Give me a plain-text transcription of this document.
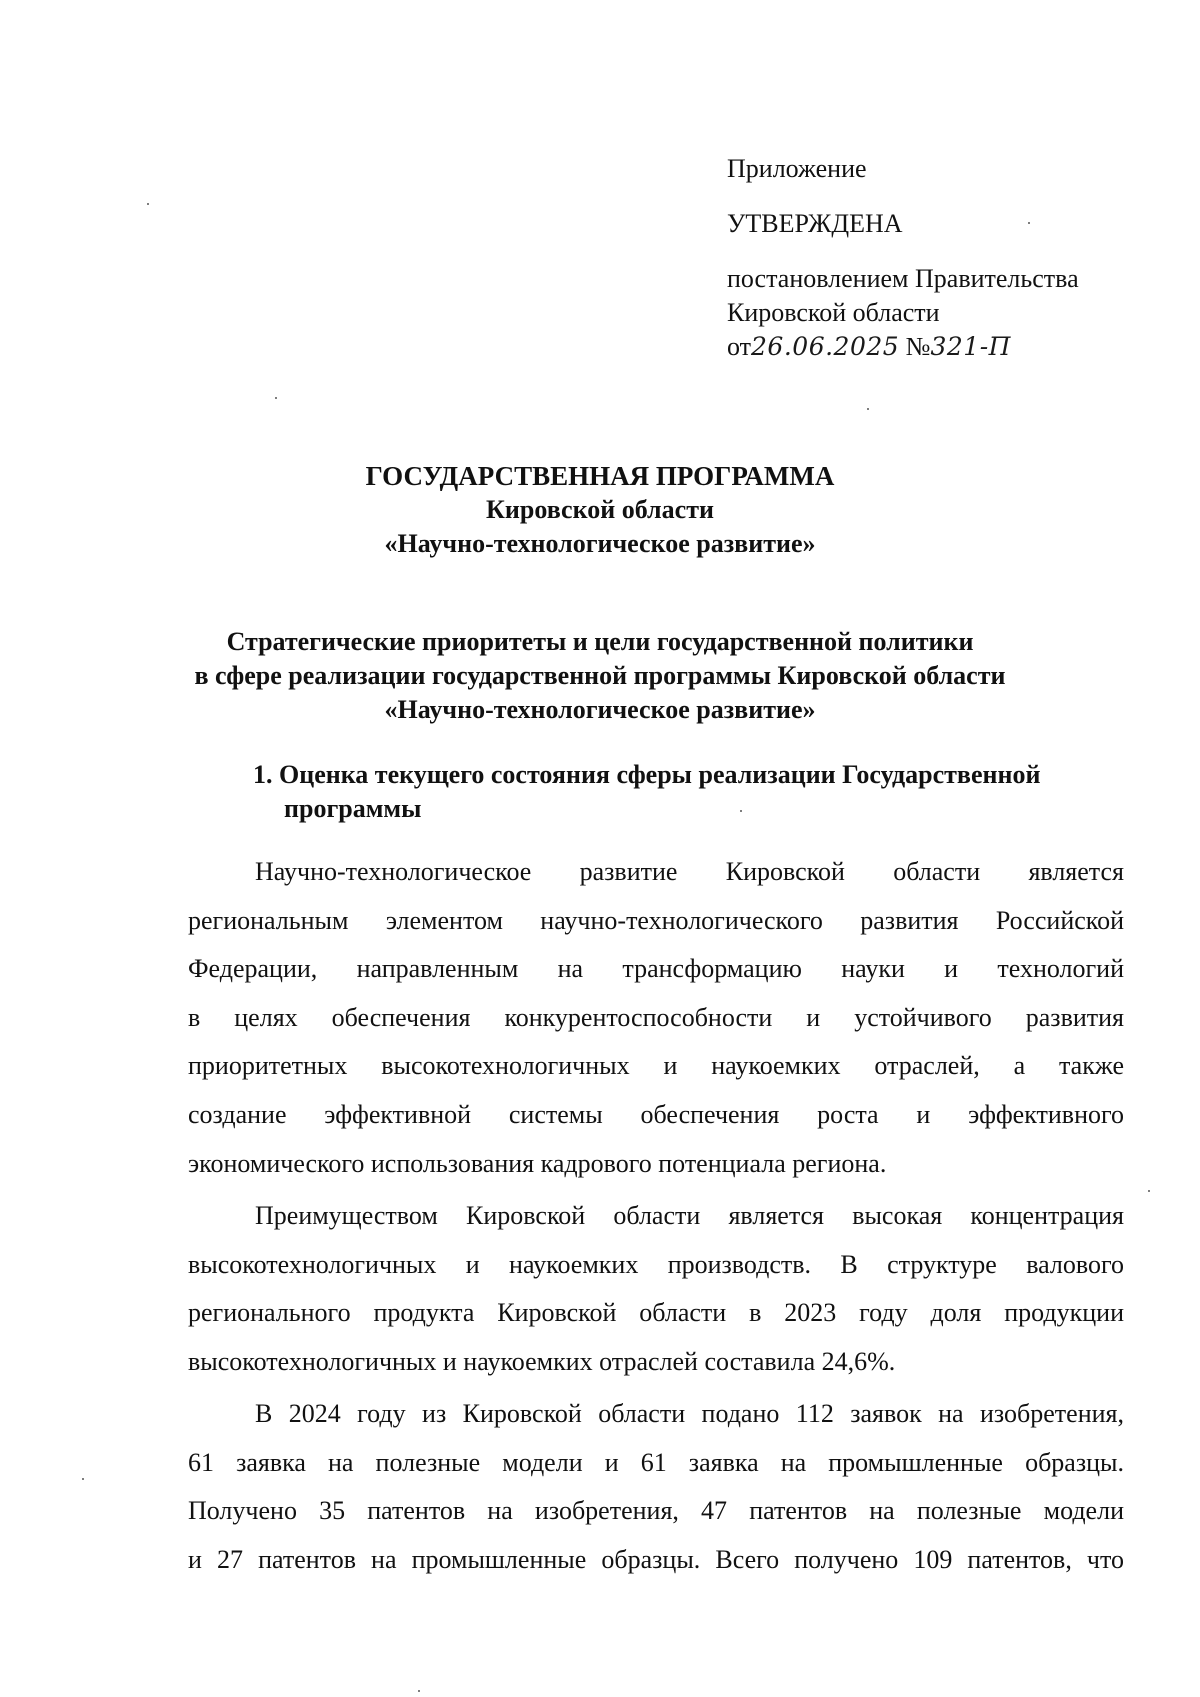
Приложение
УТВЕРЖДЕНА
постановлением Правительства
Кировской области
от26.06.2025 №321-П
ГОСУДАРСТВЕННАЯ ПРОГРАММА
Кировской области
«Научно-технологическое развитие»
Стратегические приоритеты и цели государственной политики
в сфере реализации государственной программы Кировской области
«Научно-технологическое развитие»
1. Оценка текущего состояния сферы реализации Государственной
программы
Научно-технологическое развитие Кировской области является
региональным элементом научно-технологического развития Российской
Федерации, направленным на трансформацию науки и технологий
в целях обеспечения конкурентоспособности и устойчивого развития
приоритетных высокотехнологичных и наукоемких отраслей, а также
создание эффективной системы обеспечения роста и эффективного
экономического использования кадрового потенциала региона.
Преимуществом Кировской области является высокая концентрация
высокотехнологичных и наукоемких производств. В структуре валового
регионального продукта Кировской области в 2023 году доля продукции
высокотехнологичных и наукоемких отраслей составила 24,6%.
В 2024 году из Кировской области подано 112 заявок на изобретения,
61 заявка на полезные модели и 61 заявка на промышленные образцы.
Получено 35 патентов на изобретения, 47 патентов на полезные модели
и 27 патентов на промышленные образцы. Всего получено 109 патентов, что
